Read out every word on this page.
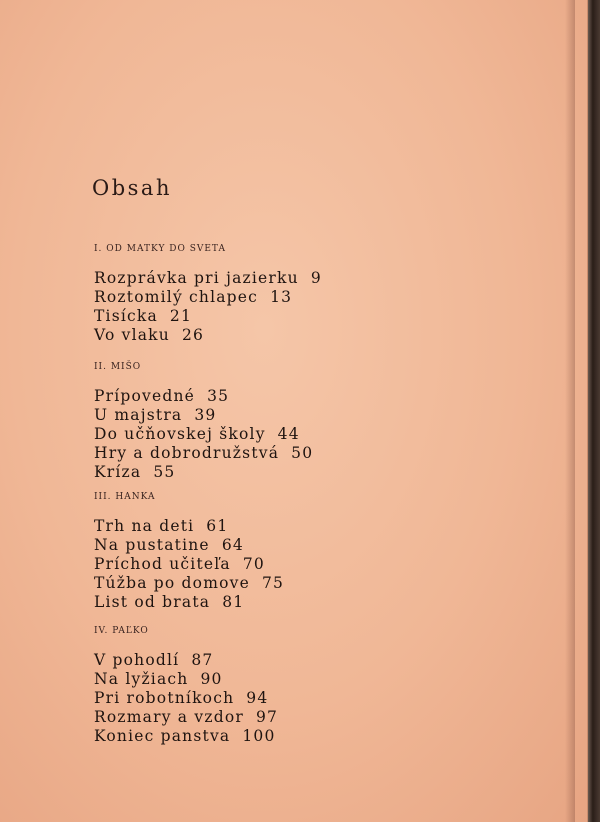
Obsah
I. OD MATKY DO SVETA
Rozprávka pri jazierku 9
Roztomilý chlapec 13
Tisícka 21
Vo vlaku 26
II. MIŠO
Prípovedné 35
U majstra 39
Do učňovskej školy 44
Hry a dobrodružstvá 50
Kríza 55
III. HANKA
Trh na deti 61
Na pustatine 64
Príchod učiteľa 70
Túžba po domove 75
List od brata 81
IV. PAĽKO
V pohodlí 87
Na lyžiach 90
Pri robotníkoch 94
Rozmary a vzdor 97
Koniec panstva 100
